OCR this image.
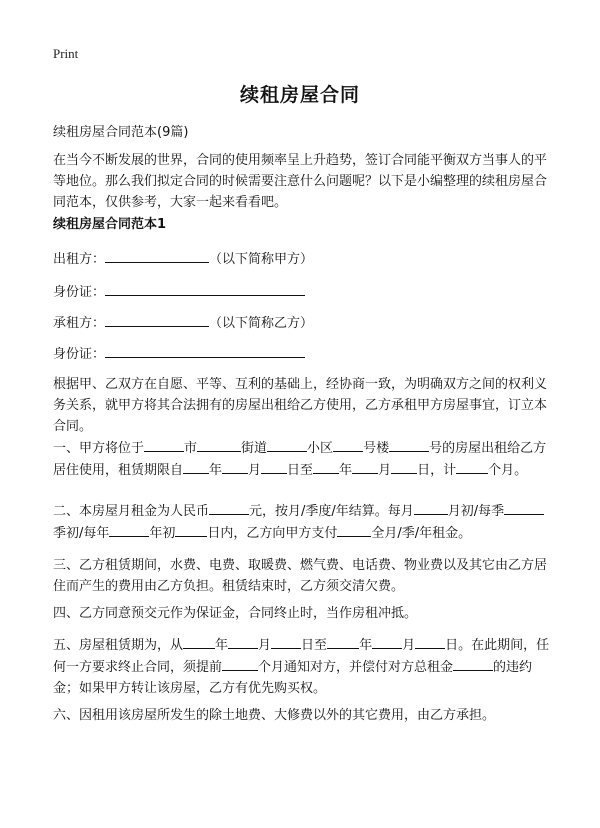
Print
续租房屋合同
续租房屋合同范本(9篇)
在当今不断发展的世界，合同的使用频率呈上升趋势，签订合同能平衡双方当事人的平等地位。那么我们拟定合同的时候需要注意什么问题呢？以下是小编整理的续租房屋合同范本，仅供参考，大家一起来看看吧。
续租房屋合同范本1
出租方：	（以下简称甲方）
身份证：
承租方：	（以下简称乙方）
身份证：
根据甲、乙双方在自愿、平等、互利的基础上，经协商一致，为明确双方之间的权利义务关系，就甲方将其合法拥有的房屋出租给乙方使用，乙方承租甲方房屋事宜，订立本合同。
一、甲方将位于	市	街道	小区 号楼	号的房屋出租给乙方居住使用，租赁期限自 年 月 日至 年 月 日，计 个月。
二、本房屋月租金为人民币	元，按月/季度/年结算。每月	月初/每季季初/每年	年初 日内，乙方向甲方支付	全月/季/年租金。
三、乙方租赁期间，水费、电费、取暖费、燃气费、电话费、物业费以及其它由乙方居住而产生的费用由乙方负担。租赁结束时，乙方须交清欠费。
四、乙方同意预交元作为保证金，合同终止时，当作房租冲抵。
五、房屋租赁期为，从 年 月 日至 年 月 日。在此期间，任何一方要求终止合同，须提前	个月通知对方，并偿付对方总租金	的违约金；如果甲方转让该房屋，乙方有优先购买权。
六、因租用该房屋所发生的除土地费、大修费以外的其它费用，由乙方承担。
